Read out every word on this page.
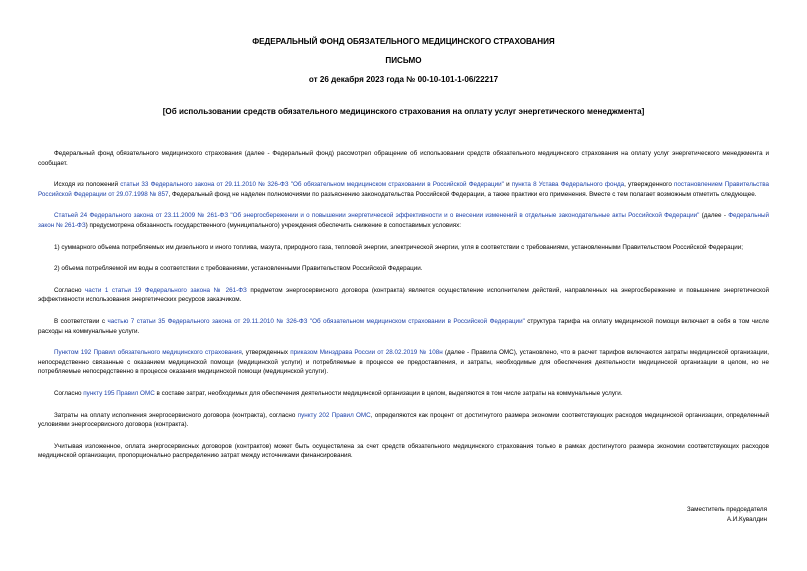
ФЕДЕРАЛЬНЫЙ ФОНД ОБЯЗАТЕЛЬНОГО МЕДИЦИНСКОГО СТРАХОВАНИЯ
ПИСЬМО
от 26 декабря 2023 года № 00-10-101-1-06/22217
[Об использовании средств обязательного медицинского страхования на оплату услуг энергетического менеджмента]

Федеральный фонд обязательного медицинского страхования (далее - Федеральный фонд) рассмотрел обращение об использовании средств обязательного медицинского страхования на оплату услуг энергетического менеджмента и сообщает.

Исходя из положений статьи 33 Федерального закона от 29.11.2010 № 326-ФЗ "Об обязательном медицинском страховании в Российской Федерации" и пункта 8 Устава Федерального фонда, утвержденного постановлением Правительства Российской Федерации от 29.07.1998 № 857, Федеральный фонд не наделен полномочиями по разъяснению законодательства Российской Федерации, а также практики его применения. Вместе с тем полагает возможным отметить следующее.

Статьей 24 Федерального закона от 23.11.2009 № 261-ФЗ "Об энергосбережении и о повышении энергетической эффективности и о внесении изменений в отдельные законодательные акты Российской Федерации" (далее - Федеральный закон № 261-ФЗ) предусмотрена обязанность государственного (муниципального) учреждения обеспечить снижение в сопоставимых условиях:

1) суммарного объема потребляемых им дизельного и иного топлива, мазута, природного газа, тепловой энергии, электрической энергии, угля в соответствии с требованиями, установленными Правительством Российской Федерации;

2) объема потребляемой им воды в соответствии с требованиями, установленными Правительством Российской Федерации.

Согласно части 1 статьи 19 Федерального закона № 261-ФЗ предметом энергосервисного договора (контракта) является осуществление исполнителем действий, направленных на энергосбережение и повышение энергетической эффективности использования энергетических ресурсов заказчиком.

В соответствии с частью 7 статьи 35 Федерального закона от 29.11.2010 № 326-ФЗ "Об обязательном медицинском страховании в Российской Федерации" структура тарифа на оплату медицинской помощи включает в себя в том числе расходы на коммунальные услуги.

Пунктом 192 Правил обязательного медицинского страхования, утвержденных приказом Минздрава России от 28.02.2019 № 108н (далее - Правила ОМС), установлено, что в расчет тарифов включаются затраты медицинской организации, непосредственно связанные с оказанием медицинской помощи (медицинской услуги) и потребляемые в процессе ее предоставления, и затраты, необходимые для обеспечения деятельности медицинской организации в целом, но не потребляемые непосредственно в процессе оказания медицинской помощи (медицинской услуги).

Согласно пункту 195 Правил ОМС в составе затрат, необходимых для обеспечения деятельности медицинской организации в целом, выделяются в том числе затраты на коммунальные услуги.

Затраты на оплату исполнения энергосервисного договора (контракта), согласно пункту 202 Правил ОМС, определяются как процент от достигнутого размера экономии соответствующих расходов медицинской организации, определенный условиями энергосервисного договора (контракта).

Учитывая изложенное, оплата энергосервисных договоров (контрактов) может быть осуществлена за счет средств обязательного медицинского страхования только в рамках достигнутого размера экономии соответствующих расходов медицинской организации, пропорционально распределению затрат между источниками финансирования.

Заместитель председателя
А.И.Кувалдин
